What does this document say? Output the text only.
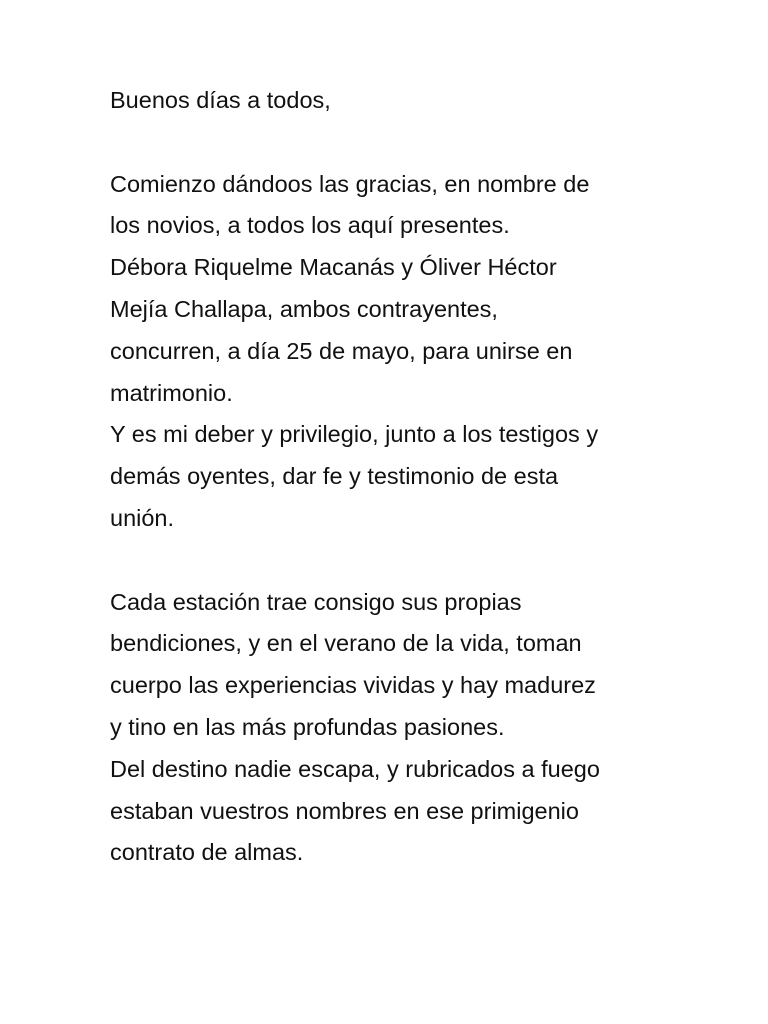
Buenos días a todos,
Comienzo dándoos las gracias, en nombre de
los novios, a todos los aquí presentes.
Débora Riquelme Macanás y Óliver Héctor
Mejía Challapa, ambos contrayentes,
concurren, a día 25 de mayo, para unirse en
matrimonio.
Y es mi deber y privilegio, junto a los testigos y
demás oyentes, dar fe y testimonio de esta
unión.
Cada estación trae consigo sus propias
bendiciones, y en el verano de la vida, toman
cuerpo las experiencias vividas y hay madurez
y tino en las más profundas pasiones.
Del destino nadie escapa, y rubricados a fuego
estaban vuestros nombres en ese primigenio
contrato de almas.
